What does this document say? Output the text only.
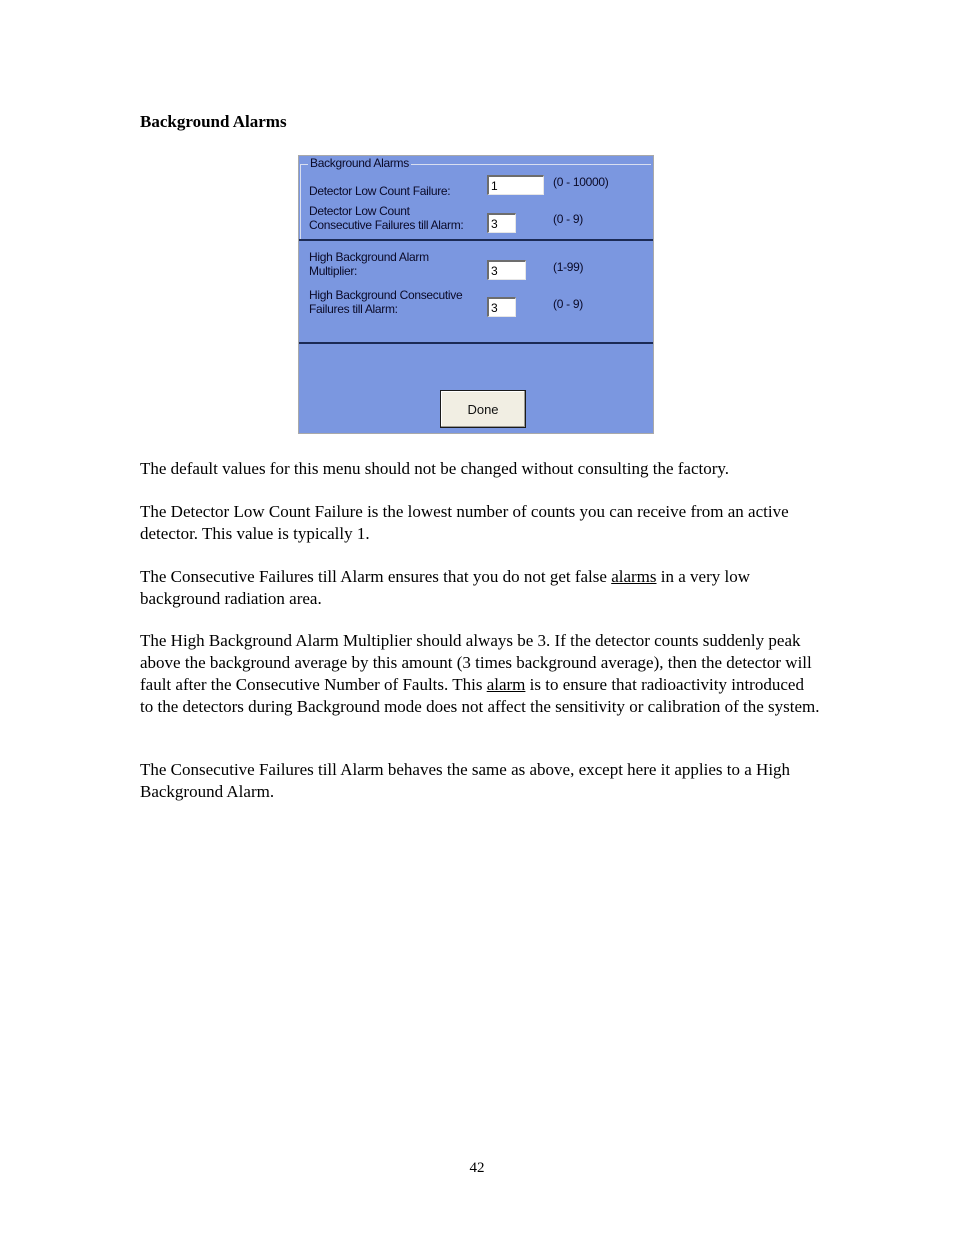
Background Alarms
Background Alarms
Detector Low Count Failure:
1
(0 - 10000)
Detector Low Count
Consecutive Failures till Alarm:
3	(0 - 9)
High Background Alarm
Multiplier:
3	(1-99)
High Background Consecutive
Failures till Alarm:
3	(0 - 9)
Done

The default values for this menu should not be changed without consulting the factory.

The Detector Low Count Failure is the lowest number of counts you can receive from an active detector. This value is typically 1.

The Consecutive Failures till Alarm ensures that you do not get false alarms in a very low background radiation area.

The High Background Alarm Multiplier should always be 3. If the detector counts suddenly peak above the background average by this amount (3 times background average), then the detector will fault after the Consecutive Number of Faults. This alarm is to ensure that radioactivity introduced to the detectors during Background mode does not affect the sensitivity or calibration of the system.

The Consecutive Failures till Alarm behaves the same as above, except here it applies to a High Background Alarm.

42
